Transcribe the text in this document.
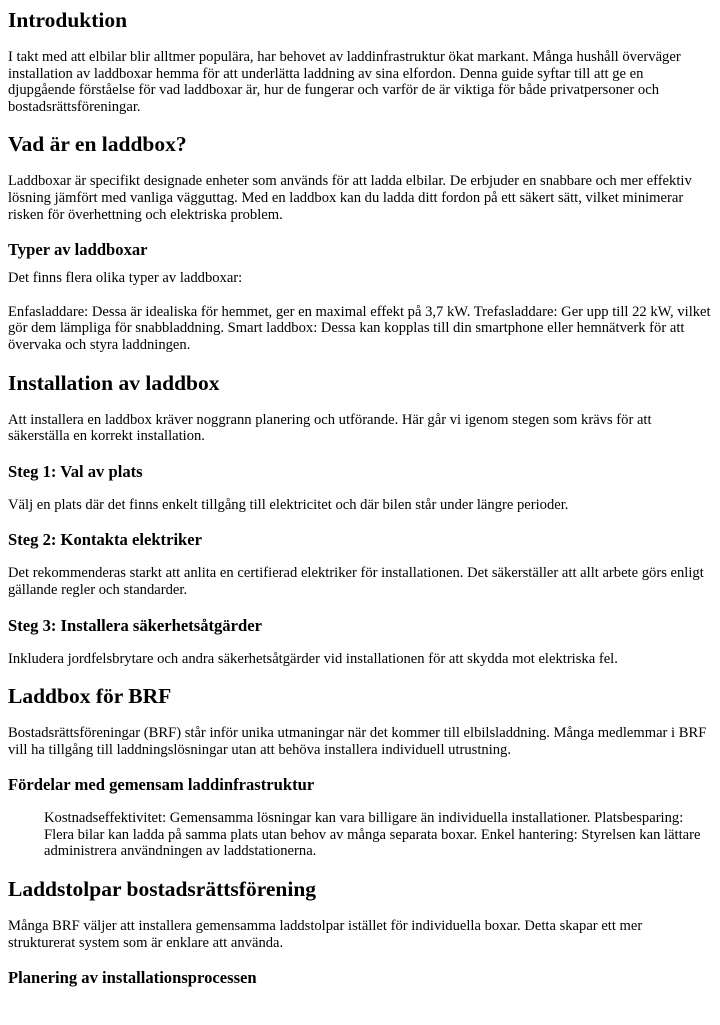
Introduktion

I takt med att elbilar blir alltmer populära, har behovet av laddinfrastruktur ökat markant. Många hushåll överväger installation av laddboxar hemma för att underlätta laddning av sina elfordon. Denna guide syftar till att ge en djupgående förståelse för vad laddboxar är, hur de fungerar och varför de är viktiga för både privatpersoner och bostadsrättsföreningar.

Vad är en laddbox?

Laddboxar är specifikt designade enheter som används för att ladda elbilar. De erbjuder en snabbare och mer effektiv lösning jämfört med vanliga vägguttag. Med en laddbox kan du ladda ditt fordon på ett säkert sätt, vilket minimerar risken för överhettning och elektriska problem.

Typer av laddboxar

Det finns flera olika typer av laddboxar:

Enfasladdare: Dessa är idealiska för hemmet, ger en maximal effekt på 3,7 kW. Trefasladdare: Ger upp till 22 kW, vilket gör dem lämpliga för snabbladdning. Smart laddbox: Dessa kan kopplas till din smartphone eller hemnätverk för att övervaka och styra laddningen.

Installation av laddbox

Att installera en laddbox kräver noggrann planering och utförande. Här går vi igenom stegen som krävs för att säkerställa en korrekt installation.

Steg 1: Val av plats

Välj en plats där det finns enkelt tillgång till elektricitet och där bilen står under längre perioder.

Steg 2: Kontakta elektriker

Det rekommenderas starkt att anlita en certifierad elektriker för installationen. Det säkerställer att allt arbete görs enligt gällande regler och standarder.

Steg 3: Installera säkerhetsåtgärder

Inkludera jordfelsbrytare och andra säkerhetsåtgärder vid installationen för att skydda mot elektriska fel.

Laddbox för BRF

Bostadsrättsföreningar (BRF) står inför unika utmaningar när det kommer till elbilsladdning. Många medlemmar i BRF vill ha tillgång till laddningslösningar utan att behöva installera individuell utrustning.

Fördelar med gemensam laddinfrastruktur

Kostnadseffektivitet: Gemensamma lösningar kan vara billigare än individuella installationer. Platsbesparing: Flera bilar kan ladda på samma plats utan behov av många separata boxar. Enkel hantering: Styrelsen kan lättare administrera användningen av laddstationerna.

Laddstolpar bostadsrättsförening

Många BRF väljer att installera gemensamma laddstolpar istället för individuella boxar. Detta skapar ett mer strukturerat system som är enklare att använda.

Planering av installationsprocessen
